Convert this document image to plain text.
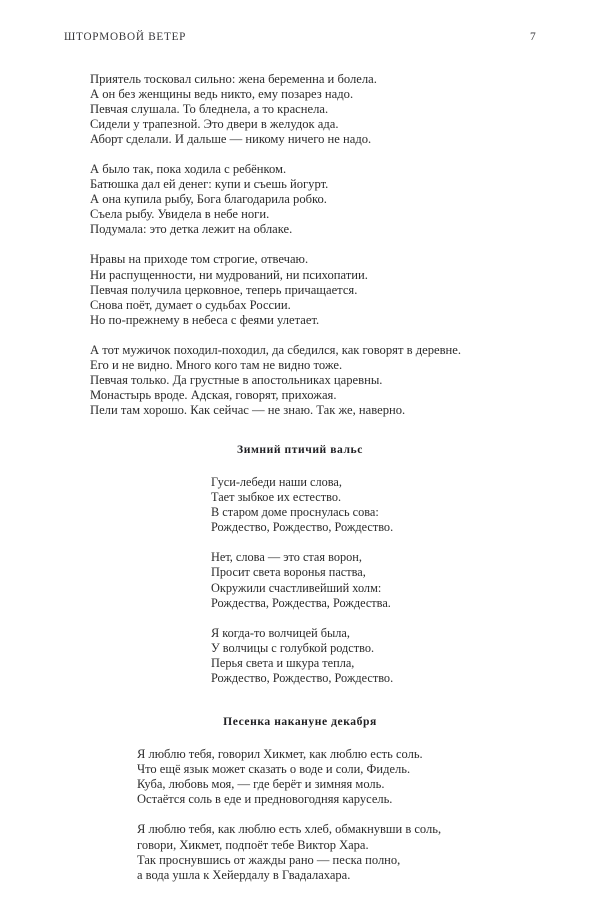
ШТОРМОВОЙ ВЕТЕР	7
Приятель тосковал сильно: жена беременна и болела.
А он без женщины ведь никто, ему позарез надо.
Певчая слушала. То бледнела, а то краснела.
Сидели у трапезной. Это двери в желудок ада.
Аборт сделали. И дальше — никому ничего не надо.
А было так, пока ходила с ребёнком.
Батюшка дал ей денег: купи и съешь йогурт.
А она купила рыбу, Бога благодарила робко.
Съела рыбу. Увидела в небе ноги.
Подумала: это детка лежит на облаке.
Нравы на приходе том строгие, отвечаю.
Ни распущенности, ни мудрований, ни психопатии.
Певчая получила церковное, теперь причащается.
Снова поёт, думает о судьбах России.
Но по-прежнему в небеса с феями улетает.
А тот мужичок походил-походил, да сбедился, как говорят в деревне.
Его и не видно. Много кого там не видно тоже.
Певчая только. Да грустные в апостольниках царевны.
Монастырь вроде. Адская, говорят, прихожая.
Пели там хорошо. Как сейчас — не знаю. Так же, наверно.
Зимний птичий вальс
Гуси-лебеди наши слова,
Тает зыбкое их естество.
В старом доме проснулась сова:
Рождество, Рождество, Рождество.
Нет, слова — это стая ворон,
Просит света воронья паства,
Окружили счастливейший холм:
Рождества, Рождества, Рождества.
Я когда-то волчицей была,
У волчицы с голубкой родство.
Перья света и шкура тепла,
Рождество, Рождество, Рождество.
Песенка накануне декабря
Я люблю тебя, говорил Хикмет, как люблю есть соль.
Что ещё язык может сказать о воде и соли, Фидель.
Куба, любовь моя, — где берёт и зимняя моль.
Остаётся соль в еде и предновогодняя карусель.
Я люблю тебя, как люблю есть хлеб, обмакнувши в соль,
говори, Хикмет, подпоёт тебе Виктор Хара.
Так проснувшись от жажды рано — песка полно,
а вода ушла к Хейердалу в Гвадалахара.
